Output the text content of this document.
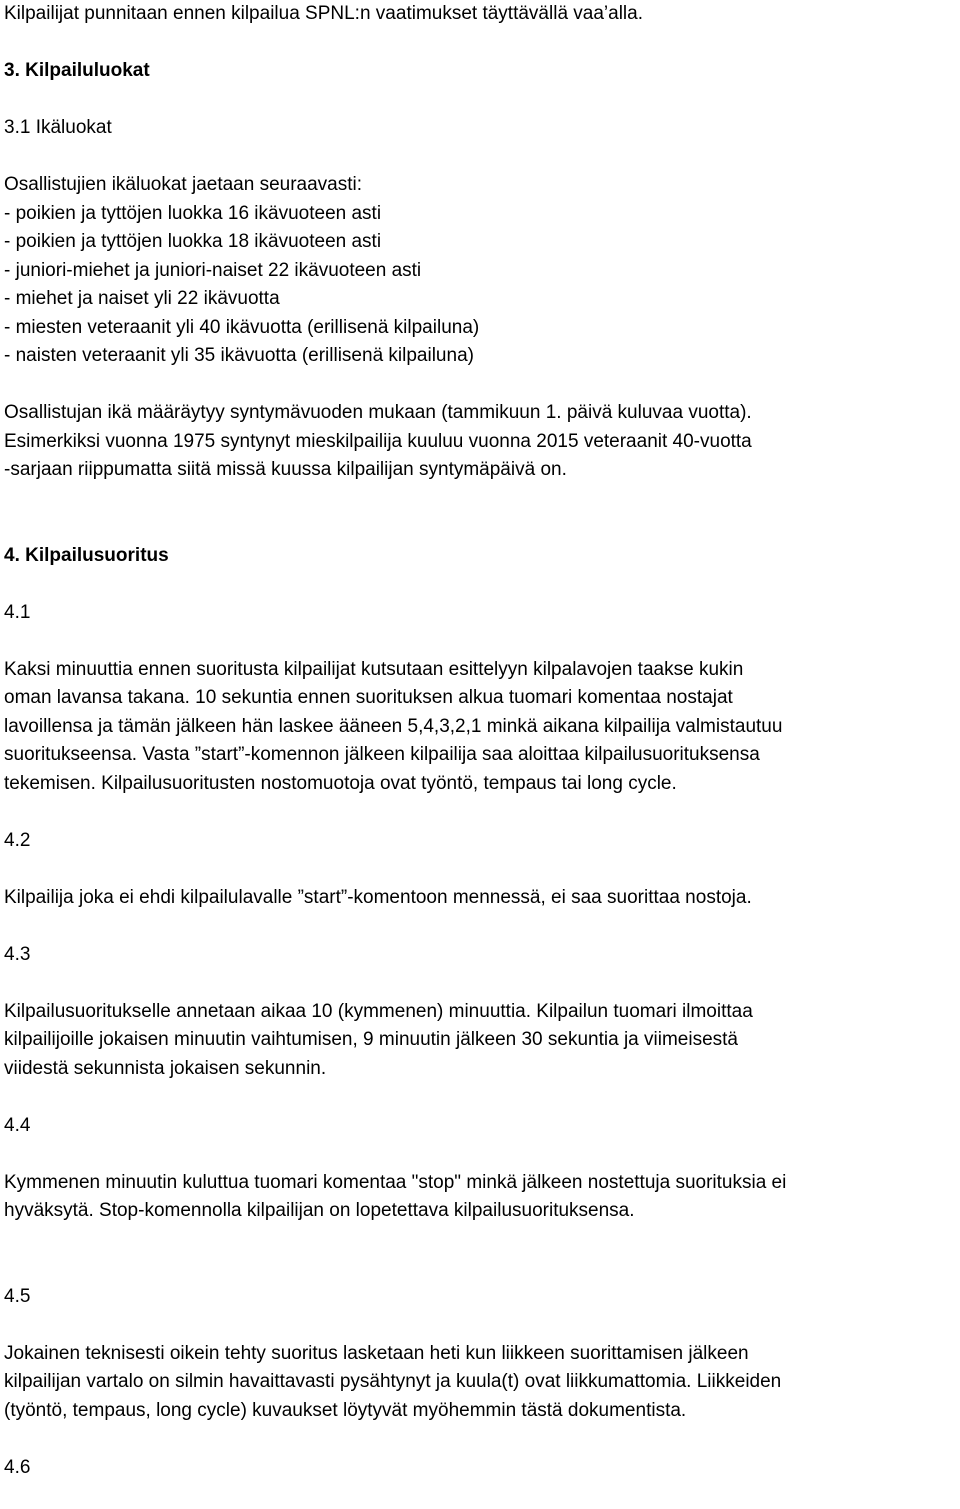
Kilpailijat punnitaan ennen kilpailua SPNL:n vaatimukset täyttävällä vaa’alla.
3. Kilpailuluokat
3.1 Ikäluokat
Osallistujien ikäluokat jaetaan seuraavasti:
- poikien ja tyttöjen luokka 16 ikävuoteen asti
- poikien ja tyttöjen luokka 18 ikävuoteen asti
- juniori-miehet ja juniori-naiset 22 ikävuoteen asti
- miehet ja naiset yli 22 ikävuotta
- miesten veteraanit yli 40 ikävuotta (erillisenä kilpailuna)
- naisten veteraanit yli 35 ikävuotta (erillisenä kilpailuna)
Osallistujan ikä määräytyy syntymävuoden mukaan (tammikuun 1. päivä kuluvaa vuotta).
Esimerkiksi vuonna 1975 syntynyt mieskilpailija kuuluu vuonna 2015 veteraanit 40-vuotta
-sarjaan riippumatta siitä missä kuussa kilpailijan syntymäpäivä on.
4. Kilpailusuoritus
4.1
Kaksi minuuttia ennen suoritusta kilpailijat kutsutaan esittelyyn kilpalavojen taakse kukin
oman lavansa takana. 10 sekuntia ennen suorituksen alkua tuomari komentaa nostajat
lavoillensa ja tämän jälkeen hän laskee ääneen 5,4,3,2,1 minkä aikana kilpailija valmistautuu
suoritukseensa. Vasta ”start”-komennon jälkeen kilpailija saa aloittaa kilpailusuorituksensa
tekemisen. Kilpailusuoritusten nostomuotoja ovat työntö, tempaus tai long cycle.
4.2
Kilpailija joka ei ehdi kilpailulavalle ”start”-komentoon mennessä, ei saa suorittaa nostoja.
4.3
Kilpailusuoritukselle annetaan aikaa 10 (kymmenen) minuuttia. Kilpailun tuomari ilmoittaa
kilpailijoille jokaisen minuutin vaihtumisen, 9 minuutin jälkeen 30 sekuntia ja viimeisestä
viidestä sekunnista jokaisen sekunnin.
4.4
Kymmenen minuutin kuluttua tuomari komentaa "stop" minkä jälkeen nostettuja suorituksia ei
hyväksytä. Stop-komennolla kilpailijan on lopetettava kilpailusuorituksensa.
4.5
Jokainen teknisesti oikein tehty suoritus lasketaan heti kun liikkeen suorittamisen jälkeen
kilpailijan vartalo on silmin havaittavasti pysähtynyt ja kuula(t) ovat liikkumattomia. Liikkeiden
(työntö, tempaus, long cycle) kuvaukset löytyvät myöhemmin tästä dokumentista.
4.6
